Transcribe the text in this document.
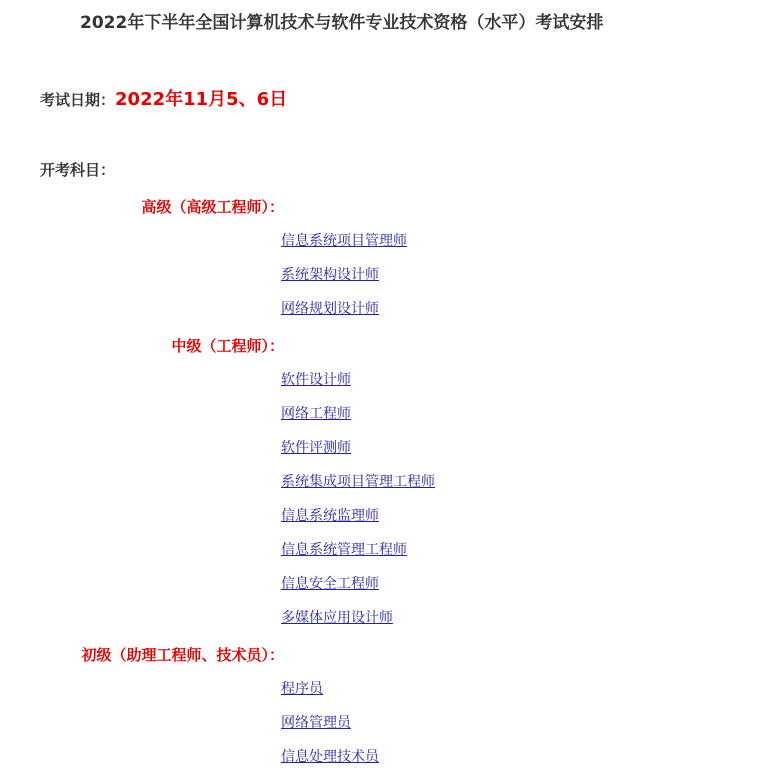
2022年下半年全国计算机技术与软件专业技术资格（水平）考试安排
考试日期：2022年11月5、6日
开考科目：
高级（高级工程师）：
信息系统项目管理师
系统架构设计师
网络规划设计师
中级（工程师）：
软件设计师
网络工程师
软件评测师
系统集成项目管理工程师
信息系统监理师
信息系统管理工程师
信息安全工程师
多媒体应用设计师
初级（助理工程师、技术员）：
程序员
网络管理员
信息处理技术员
